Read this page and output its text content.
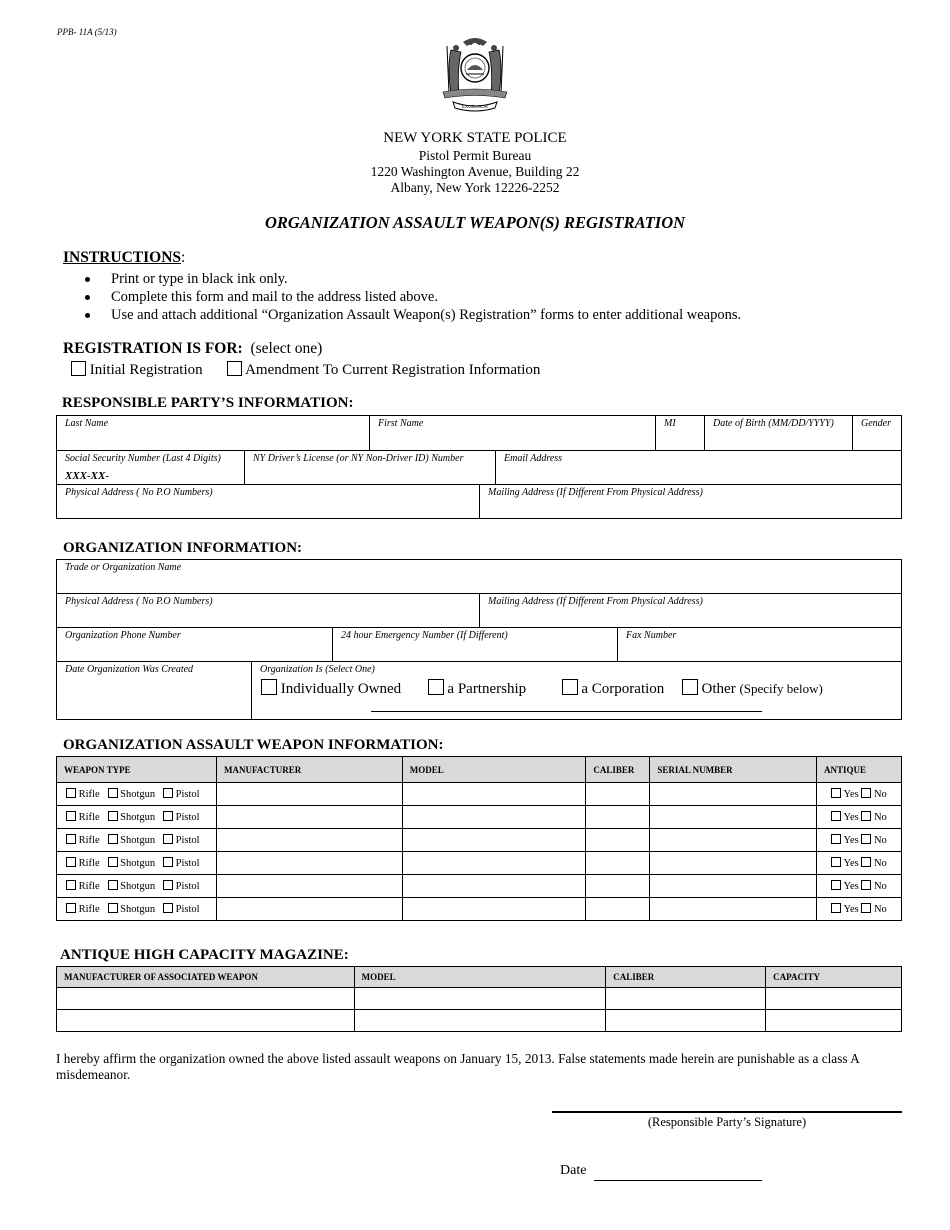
PPB- 11A (5/13)
EXCELSIOR
NEW YORK STATE POLICE
Pistol Permit Bureau
1220 Washington Avenue, Building 22
Albany, New York 12226-2252
ORGANIZATION ASSAULT WEAPON(S) REGISTRATION
INSTRUCTIONS:
Print or type in black ink only.
Complete this form and mail to the address listed above.
Use and attach additional “Organization Assault Weapon(s) Registration” forms to enter additional weapons.
REGISTRATION IS FOR: (select one)
Initial Registration	Amendment To Current Registration Information
RESPONSIBLE PARTY’S INFORMATION:
Last Name	First Name	MI	Date of Birth (MM/DD/YYYY)	Gender
Social Security Number (Last 4 Digits)
XXX-XX-
NY Driver’s License (or NY Non-Driver ID) Number	Email Address
Physical Address ( No P.O Numbers)	Mailing Address (If Different From Physical Address)
ORGANIZATION INFORMATION:
Trade or Organization Name
Physical Address ( No P.O Numbers)	Mailing Address (If Different From Physical Address)
Organization Phone Number	24 hour Emergency Number (If Different)	Fax Number
Date Organization Was Created	Organization Is (Select One)
Individually Owned	a Partnership	a Corporation Other (Specify below)
ORGANIZATION ASSAULT WEAPON INFORMATION:
WEAPON TYPE	MANUFACTURER	MODEL	CALIBER	SERIAL NUMBER	ANTIQUE
Rifle Shotgun Pistol					Yes No
Rifle Shotgun Pistol					Yes No
Rifle Shotgun Pistol					Yes No
Rifle Shotgun Pistol					Yes No
Rifle Shotgun Pistol					Yes No
Rifle Shotgun Pistol					Yes No
ANTIQUE HIGH CAPACITY MAGAZINE:
MANUFACTURER OF ASSOCIATED WEAPON	MODEL	CALIBER	CAPACITY

I hereby affirm the organization owned the above listed assault weapons on January 15, 2013. False statements made herein are punishable as a class A misdemeanor.
(Responsible Party’s Signature)
Date
